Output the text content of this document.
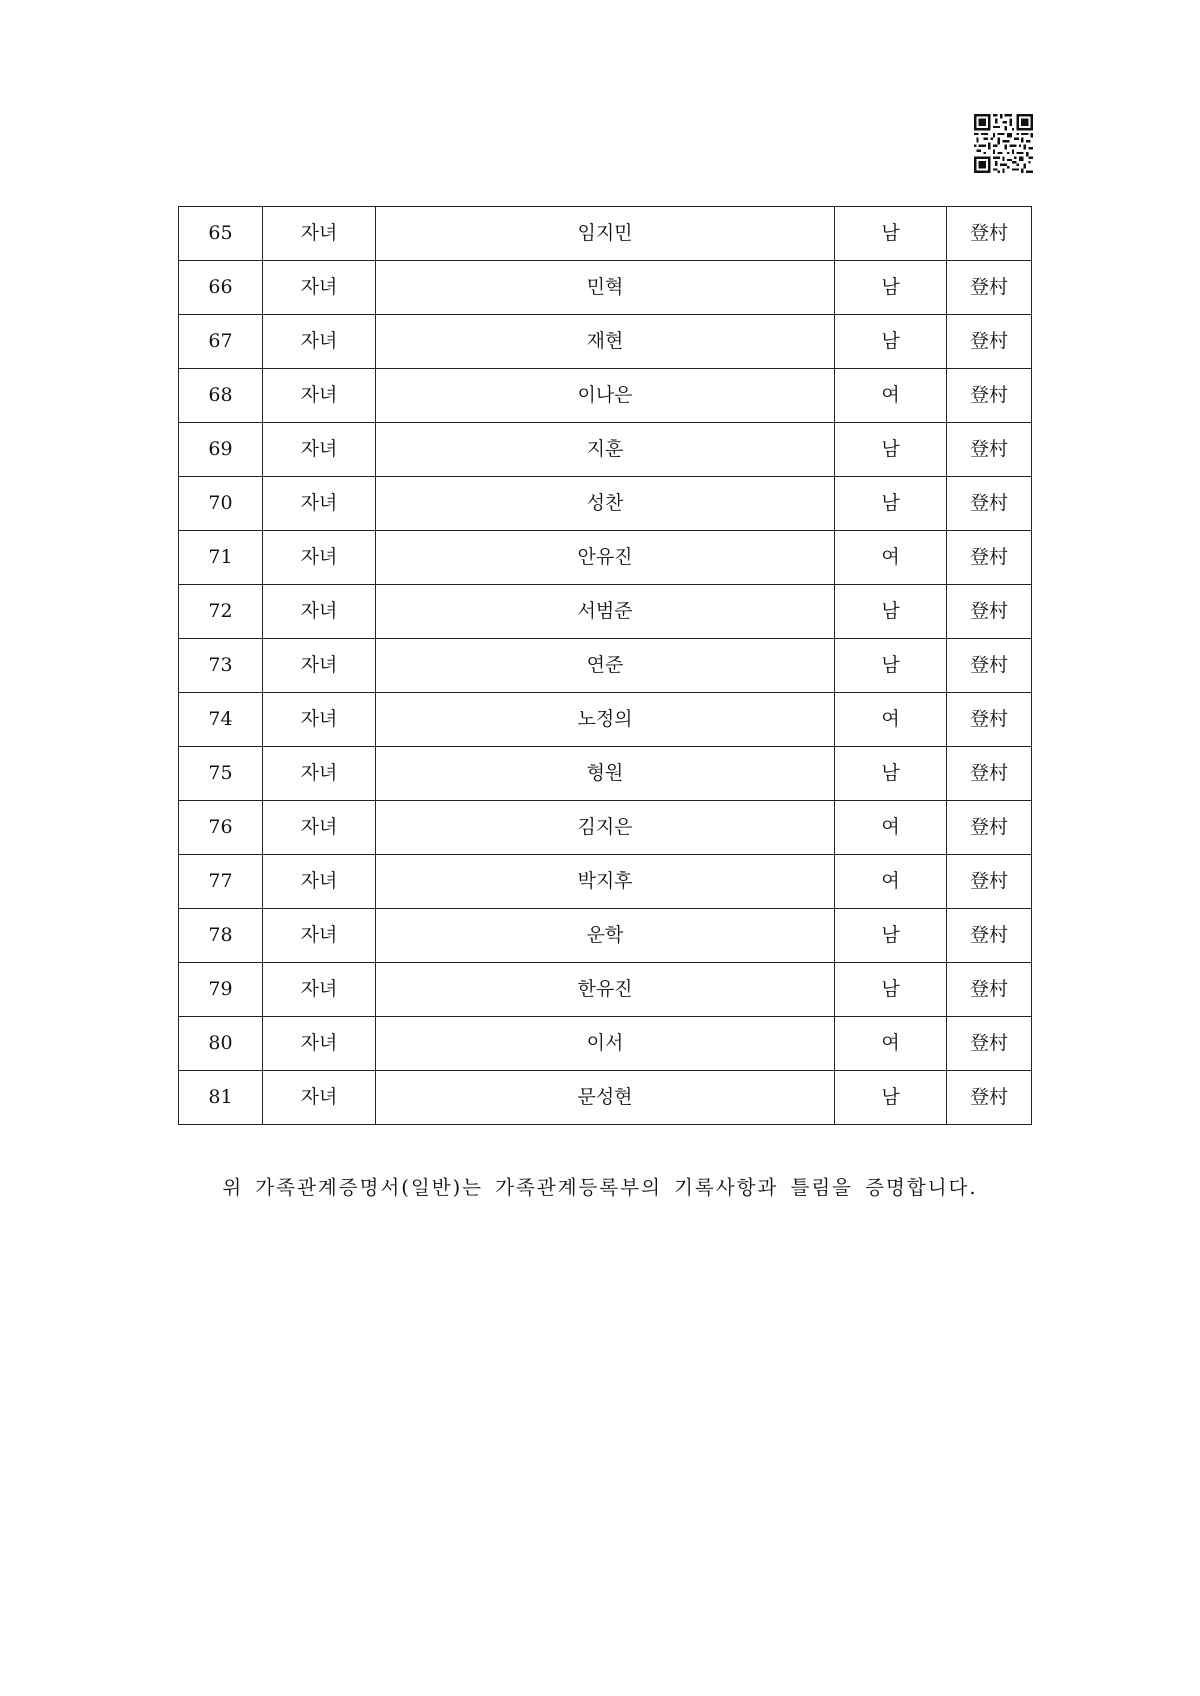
65	자녀	임지민	남	登村
66	자녀	민혁	남	登村
67	자녀	재현	남	登村
68	자녀	이나은	여	登村
69	자녀	지훈	남	登村
70	자녀	성찬	남	登村
71	자녀	안유진	여	登村
72	자녀	서범준	남	登村
73	자녀	연준	남	登村
74	자녀	노정의	여	登村
75	자녀	형원	남	登村
76	자녀	김지은	여	登村
77	자녀	박지후	여	登村
78	자녀	운학	남	登村
79	자녀	한유진	남	登村
80	자녀	이서	여	登村
81	자녀	문성현	남	登村
위 가족관계증명서(일반)는 가족관계등록부의 기록사항과 틀림을 증명합니다.
